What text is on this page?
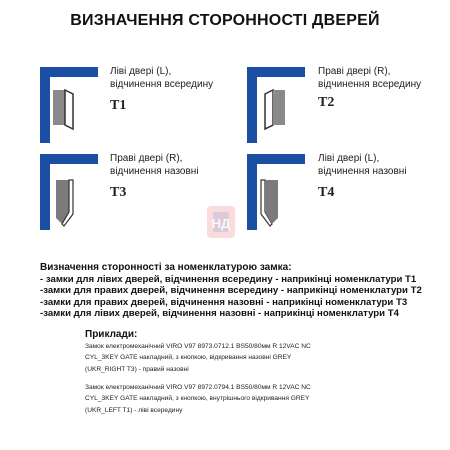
ВИЗНАЧЕННЯ СТОРОННОСТІ ДВЕРЕЙ
Ліві двері (L),
відчинення всередину
T1
Праві двері (R),
відчинення всередину
T2
Праві двері (R),
відчинення назовні
T3
Ліві двері (L),
відчинення назовні
T4
НД
Визначення сторонності за номенклатурою замка:
- замки для лівих дверей, відчинення всередину - наприкінці номенклатури Т1
-замки для правих дверей, відчинення всередину - наприкінці номенклатури Т2
-замки для правих дверей, відчинення назовні - наприкінці номенклатури Т3
-замки для лівих дверей, відчинення назовні - наприкінці номенклатури Т4
Приклади:
Замок електромеханічний VIRO V97 8973.0712.1 BS50/80мм R 12VAC NC
CYL_3KEY GATE накладний, з кнопкою, відкривання назовні GREY
(UKR_RIGHT T3) - правий назовні
Замок електромеханічний VIRO V97 8972.0794.1 BS50/80мм R 12VAC NC
CYL_3KEY GATE накладний, з кнопкою, внутрішнього відкривання GREY
(UKR_LEFT T1) - ліві всередину
